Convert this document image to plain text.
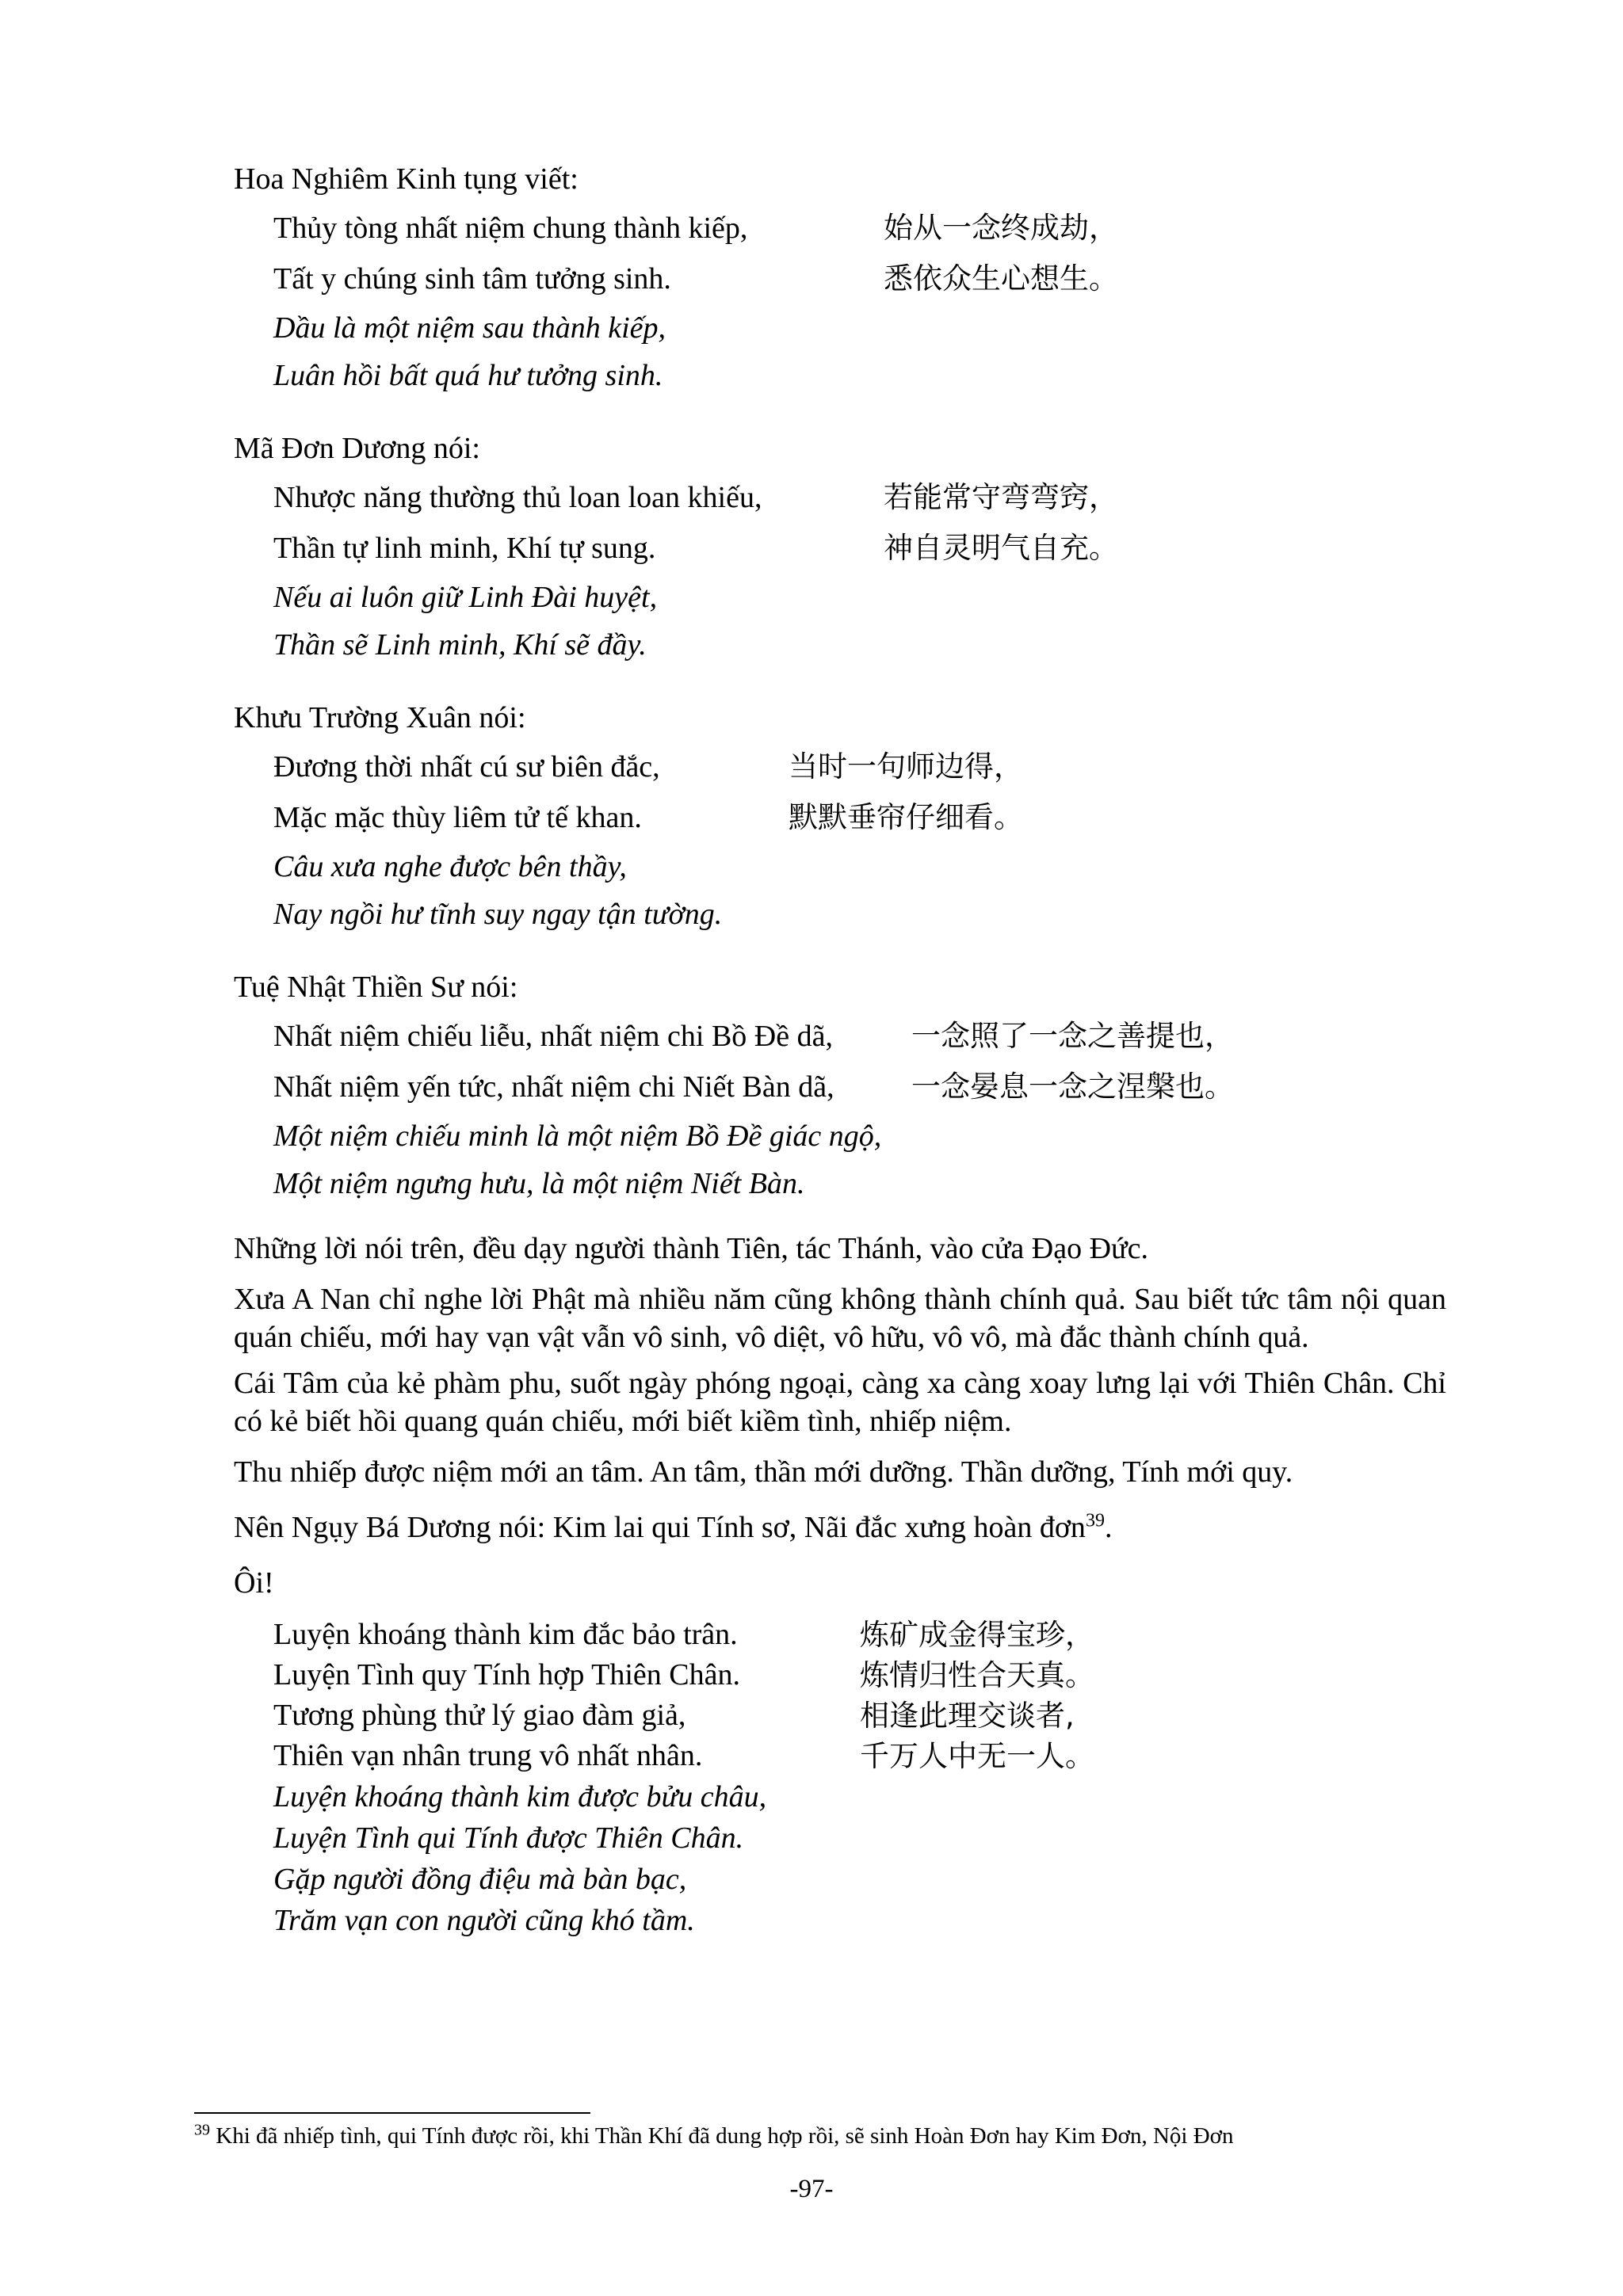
Hoa Nghiêm Kinh tụng viết:
Thủy tòng nhất niệm chung thành kiếp,	始从一念终成劫，
Tất y chúng sinh tâm tưởng sinh.	悉依众生心想生。
Dầu là một niệm sau thành kiếp,
Luân hồi bất quá hư tưởng sinh.
Mã Đơn Dương nói:
Nhược năng thường thủ loan loan khiếu,	若能常守弯弯窍，
Thần tự linh minh, Khí tự sung.	神自灵明气自充。
Nếu ai luôn giữ Linh Đài huyệt,
Thần sẽ Linh minh, Khí sẽ đầy.
Khưu Trường Xuân nói:
Đương thời nhất cú sư biên đắc,	当时一句师边得，
Mặc mặc thùy liêm tử tế khan.	默默垂帘仔细看。
Câu xưa nghe được bên thầy,
Nay ngồi hư tĩnh suy ngay tận tường.
Tuệ Nhật Thiền Sư nói:
Nhất niệm chiếu liễu, nhất niệm chi Bồ Đề dã,	一念照了一念之善提也，
Nhất niệm yến tức, nhất niệm chi Niết Bàn dã,	一念晏息一念之涅槃也。
Một niệm chiếu minh là một niệm Bồ Đề giác ngộ,
Một niệm ngưng hưu, là một niệm Niết Bàn.

Những lời nói trên, đều dạy người thành Tiên, tác Thánh, vào cửa Đạo Đức.

Xưa A Nan chỉ nghe lời Phật mà nhiều năm cũng không thành chính quả. Sau biết tức tâm nội quan quán chiếu, mới hay vạn vật vẫn vô sinh, vô diệt, vô hữu, vô vô, mà đắc thành chính quả.

Cái Tâm của kẻ phàm phu, suốt ngày phóng ngoại, càng xa càng xoay lưng lại với Thiên Chân. Chỉ có kẻ biết hồi quang quán chiếu, mới biết kiềm tình, nhiếp niệm.

Thu nhiếp được niệm mới an tâm. An tâm, thần mới dưỡng. Thần dưỡng, Tính mới quy.

Nên Ngụy Bá Dương nói: Kim lai qui Tính sơ, Nãi đắc xưng hoàn đơn$^{39}$.

Ôi!

Luyện khoáng thành kim đắc bảo trân.	炼矿成金得宝珍，
Luyện Tình quy Tính hợp Thiên Chân.	炼情归性合天真。
Tương phùng thử lý giao đàm giả,	相逢此理交谈者,
Thiên vạn nhân trung vô nhất nhân.	千万人中无一人。
Luyện khoáng thành kim được bửu châu,
Luyện Tình qui Tính được Thiên Chân.
Gặp người đồng điệu mà bàn bạc,
Trăm vạn con người cũng khó tầm.
$^{39}$ Khi đã nhiếp tình, qui Tính được rồi, khi Thần Khí đã dung hợp rồi, sẽ sinh Hoàn Đơn hay Kim Đơn, Nội Đơn
-97-
